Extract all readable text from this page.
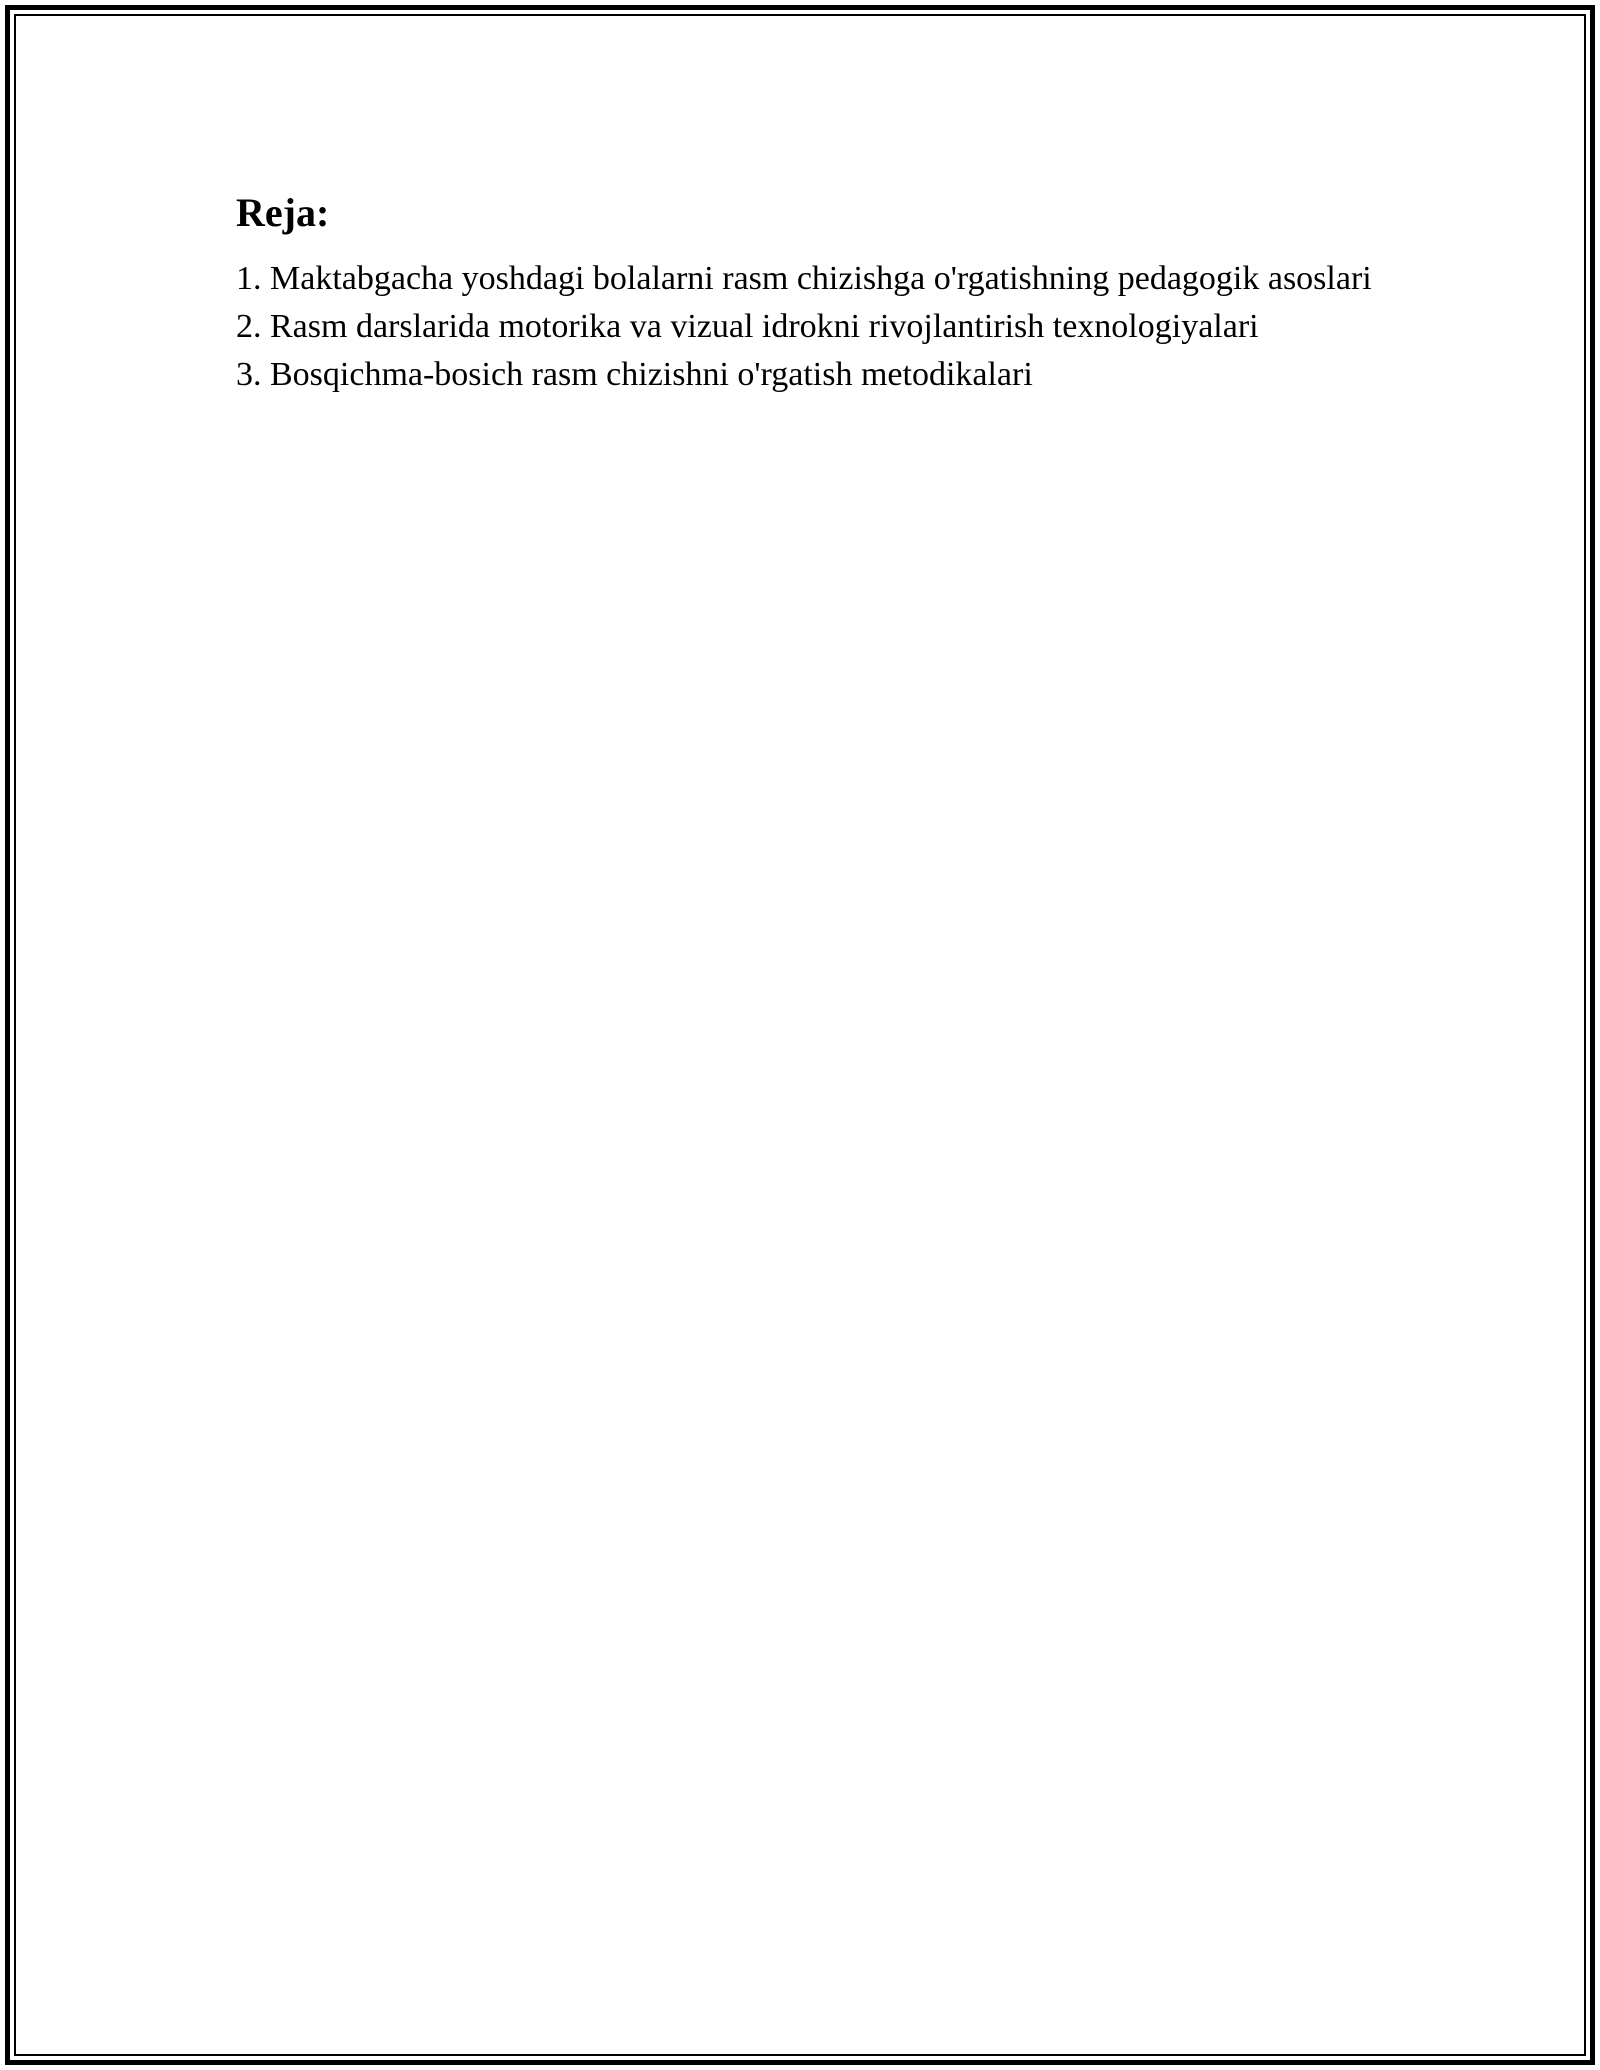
Reja:
1. Maktabgacha yoshdagi bolalarni rasm chizishga o'rgatishning pedagogik asoslari
2. Rasm darslarida motorika va vizual idrokni rivojlantirish texnologiyalari
3. Bosqichma-bosich rasm chizishni o'rgatish metodikalari
